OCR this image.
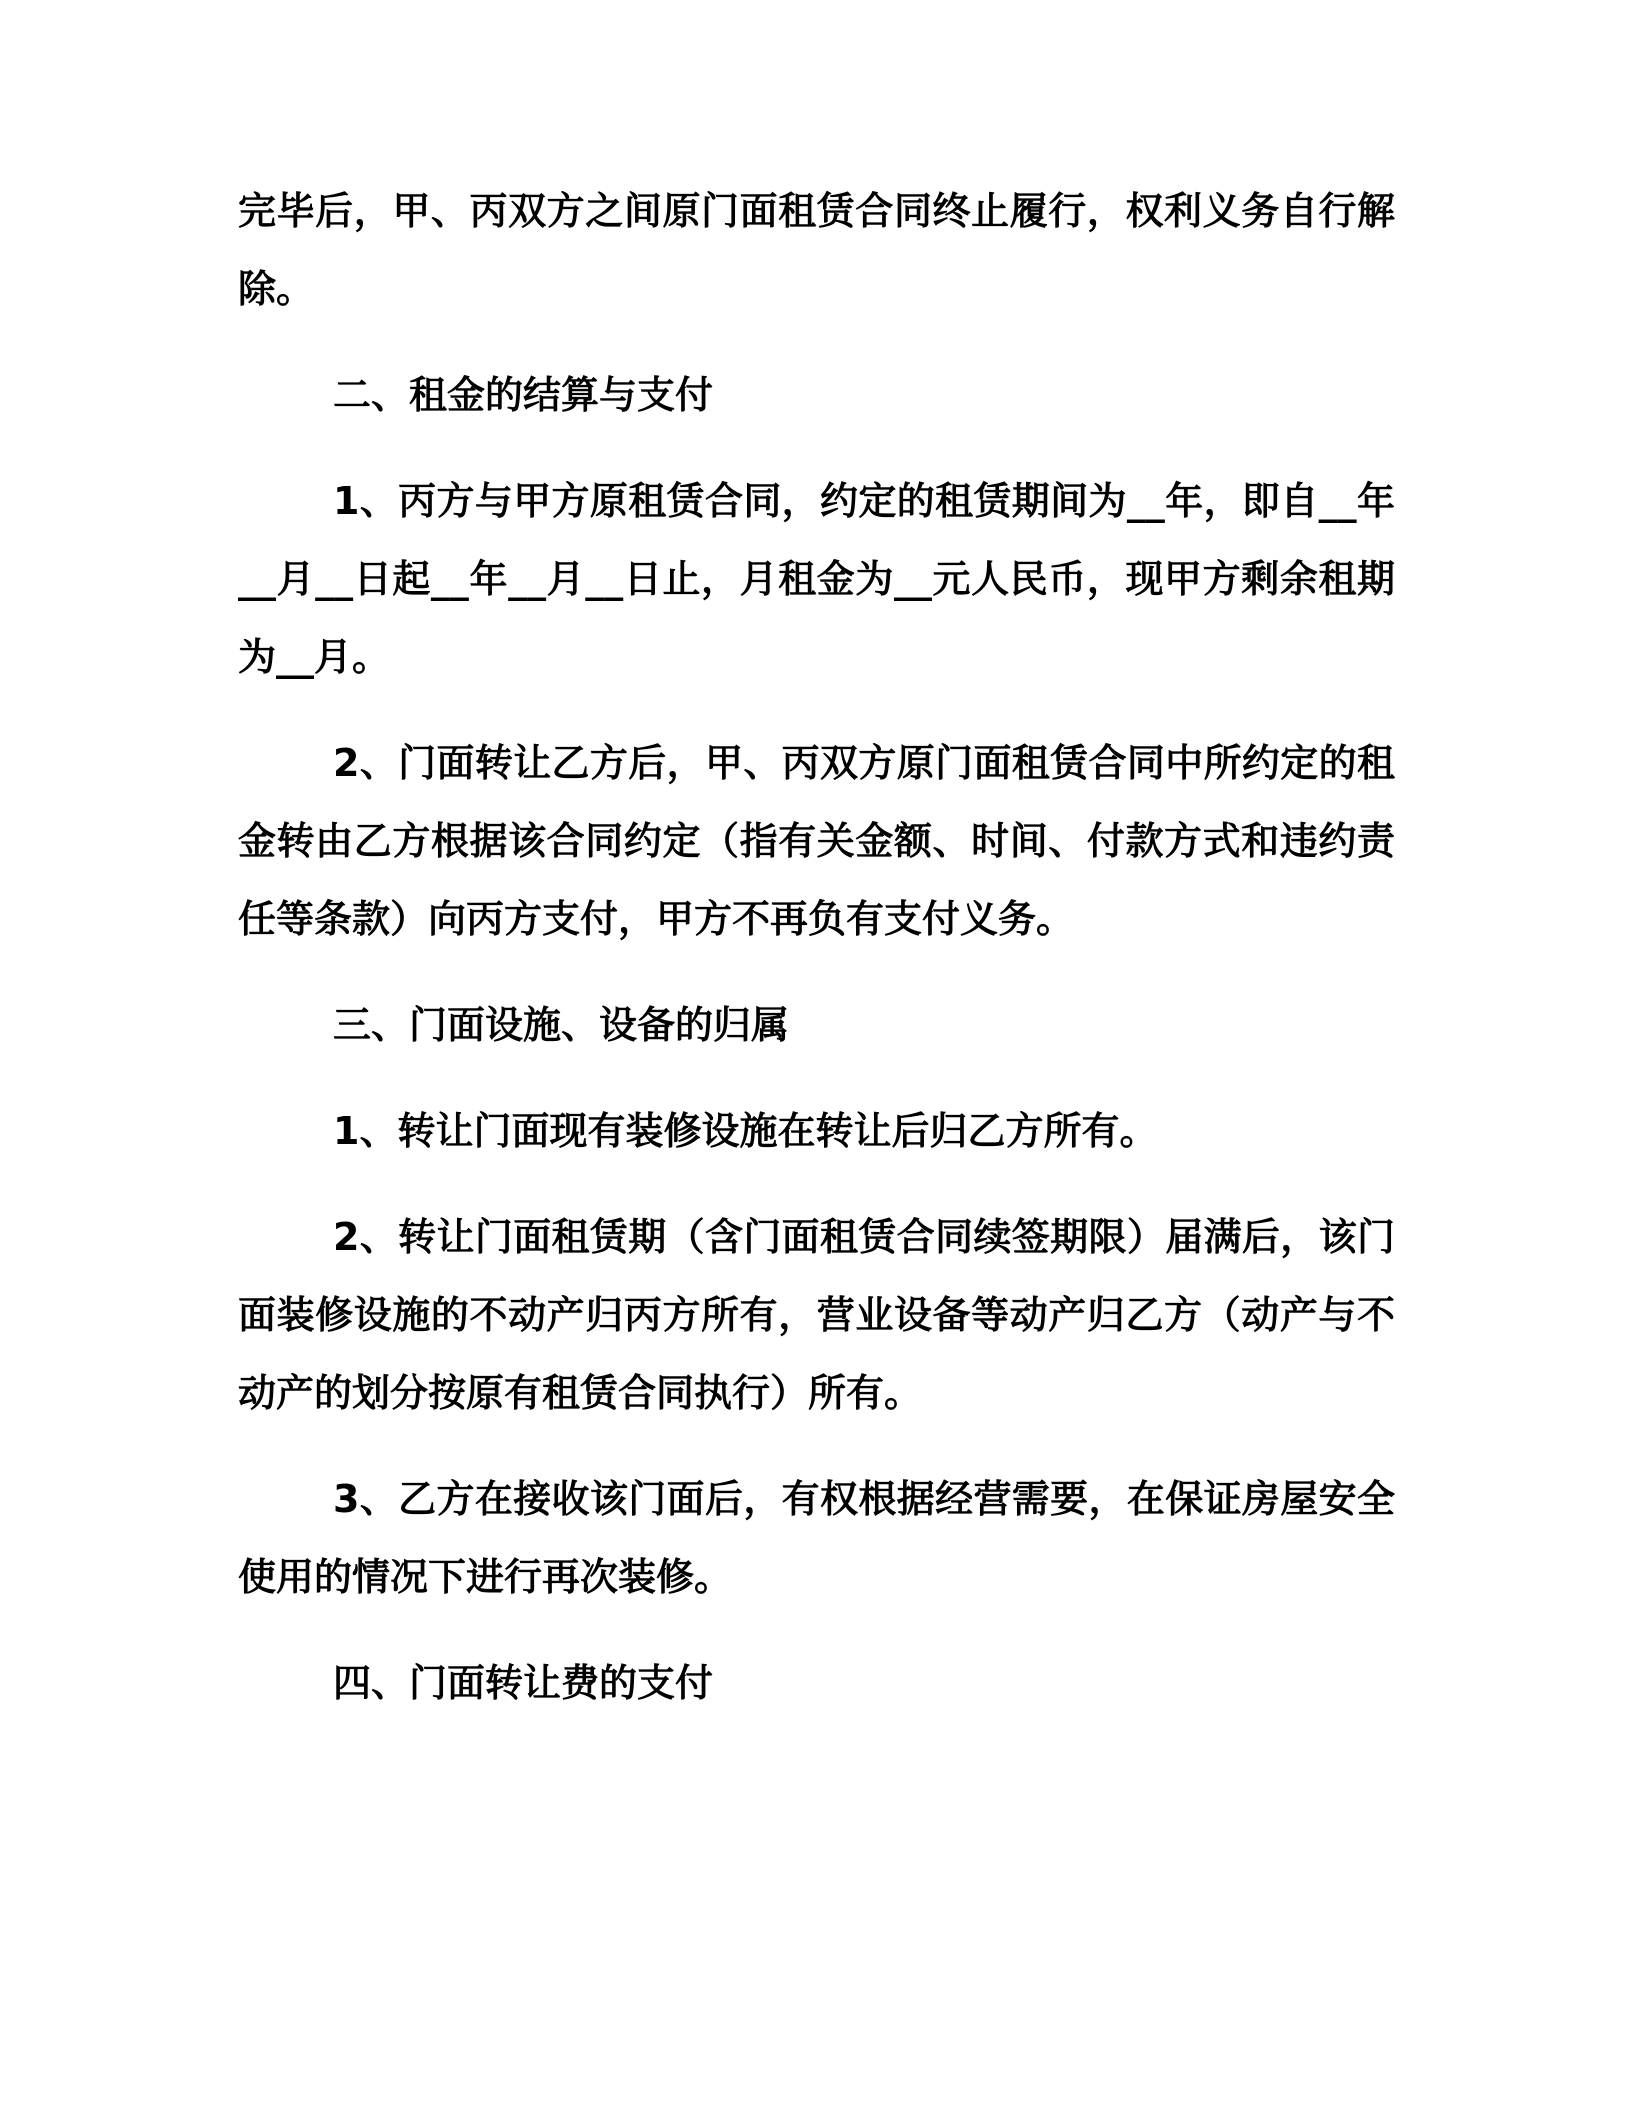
完毕后，甲、丙双方之间原门面租赁合同终止履行，权利义务自行解
除。
二、租金的结算与支付
1、丙方与甲方原租赁合同，约定的租赁期间为__年，即自__年
__月__日起__年__月__日止，月租金为__元人民币，现甲方剩余租期
为__月。
2、门面转让乙方后，甲、丙双方原门面租赁合同中所约定的租
金转由乙方根据该合同约定（指有关金额、时间、付款方式和违约责
任等条款）向丙方支付，甲方不再负有支付义务。
三、门面设施、设备的归属
1、转让门面现有装修设施在转让后归乙方所有。
2、转让门面租赁期（含门面租赁合同续签期限）届满后，该门
面装修设施的不动产归丙方所有，营业设备等动产归乙方（动产与不
动产的划分按原有租赁合同执行）所有。
3、乙方在接收该门面后，有权根据经营需要，在保证房屋安全
使用的情况下进行再次装修。
四、门面转让费的支付
